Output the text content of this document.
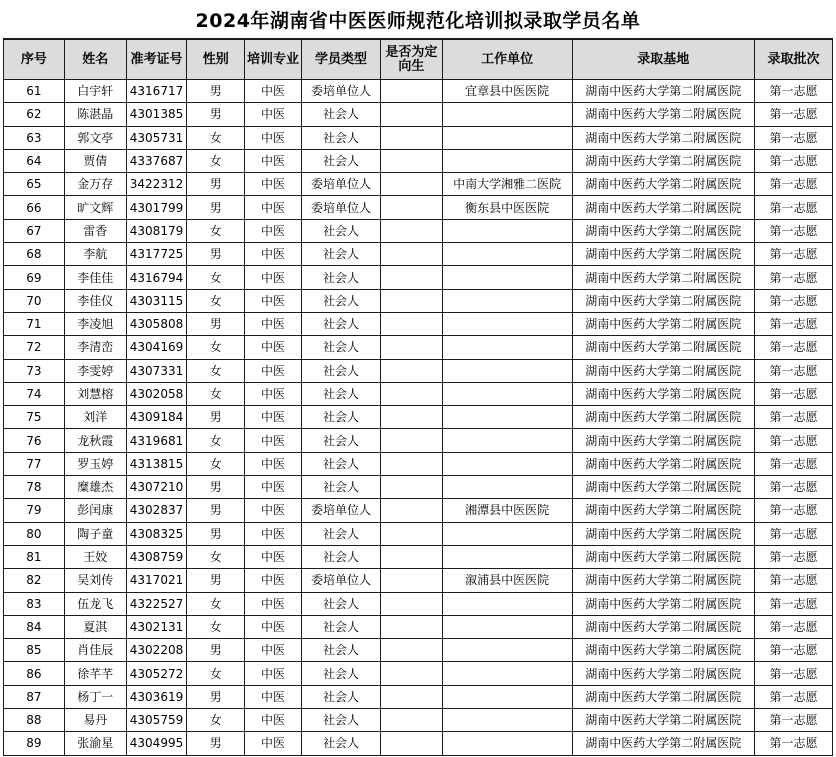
2024年湖南省中医医师规范化培训拟录取学员名单
序号	姓名	准考证号	性别	培训专业	学员类型	是否为定向生	工作单位	录取基地	录取批次
61	白宇轩	4316717	男	中医	委培单位人		宜章县中医医院	湖南中医药大学第二附属医院	第一志愿
62	陈湛晶	4301385	男	中医	社会人			湖南中医药大学第二附属医院	第一志愿
63	郭文亭	4305731	女	中医	社会人			湖南中医药大学第二附属医院	第一志愿
64	贾倩	4337687	女	中医	社会人			湖南中医药大学第二附属医院	第一志愿
65	金万存	3422312	男	中医	委培单位人		中南大学湘雅二医院	湖南中医药大学第二附属医院	第一志愿
66	旷文辉	4301799	男	中医	委培单位人		衡东县中医医院	湖南中医药大学第二附属医院	第一志愿
67	雷香	4308179	女	中医	社会人			湖南中医药大学第二附属医院	第一志愿
68	李航	4317725	男	中医	社会人			湖南中医药大学第二附属医院	第一志愿
69	李佳佳	4316794	女	中医	社会人			湖南中医药大学第二附属医院	第一志愿
70	李佳仪	4303115	女	中医	社会人			湖南中医药大学第二附属医院	第一志愿
71	李凌旭	4305808	男	中医	社会人			湖南中医药大学第二附属医院	第一志愿
72	李清峦	4304169	女	中医	社会人			湖南中医药大学第二附属医院	第一志愿
73	李雯婷	4307331	女	中医	社会人			湖南中医药大学第二附属医院	第一志愿
74	刘慧榕	4302058	女	中医	社会人			湖南中医药大学第二附属医院	第一志愿
75	刘洋	4309184	男	中医	社会人			湖南中医药大学第二附属医院	第一志愿
76	龙秋霞	4319681	女	中医	社会人			湖南中医药大学第二附属医院	第一志愿
77	罗玉婷	4313815	女	中医	社会人			湖南中医药大学第二附属医院	第一志愿
78	糜雄杰	4307210	男	中医	社会人			湖南中医药大学第二附属医院	第一志愿
79	彭闰康	4302837	男	中医	委培单位人		湘潭县中医医院	湖南中医药大学第二附属医院	第一志愿
80	陶子童	4308325	男	中医	社会人			湖南中医药大学第二附属医院	第一志愿
81	王姣	4308759	女	中医	社会人			湖南中医药大学第二附属医院	第一志愿
82	吴刘传	4317021	男	中医	委培单位人		溆浦县中医医院	湖南中医药大学第二附属医院	第一志愿
83	伍龙飞	4322527	女	中医	社会人			湖南中医药大学第二附属医院	第一志愿
84	夏淇	4302131	女	中医	社会人			湖南中医药大学第二附属医院	第一志愿
85	肖佳辰	4302208	男	中医	社会人			湖南中医药大学第二附属医院	第一志愿
86	徐芊芊	4305272	女	中医	社会人			湖南中医药大学第二附属医院	第一志愿
87	杨丁一	4303619	男	中医	社会人			湖南中医药大学第二附属医院	第一志愿
88	易丹	4305759	女	中医	社会人			湖南中医药大学第二附属医院	第一志愿
89	张渝星	4304995	男	中医	社会人			湖南中医药大学第二附属医院	第一志愿
